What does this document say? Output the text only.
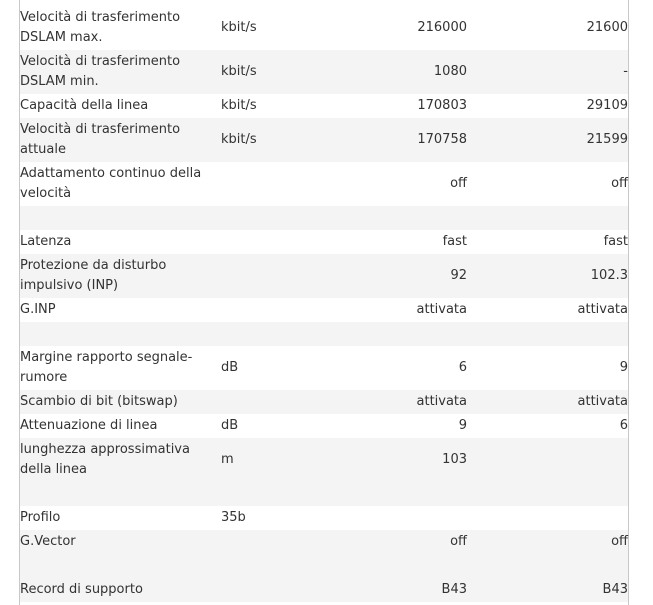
Velocità di trasferimento DSLAM max.	kbit/s	216000	21600
Velocità di trasferimento DSLAM min.	kbit/s	1080	-
Capacità della linea	kbit/s	170803	29109
Velocità di trasferimento attuale	kbit/s	170758	21599
Adattamento continuo della velocità		off	off

Latenza		fast	fast
Protezione da disturbo impulsivo (INP)		92	102.3
G.INP		attivata	attivata

Margine rapporto segnale-rumore	dB	6	9
Scambio di bit (bitswap)		attivata	attivata
Attenuazione di linea	dB	9	6
lunghezza approssimativa della linea	m	103	

Profilo	35b		
G.Vector		off	off

Record di supporto		B43	B43
